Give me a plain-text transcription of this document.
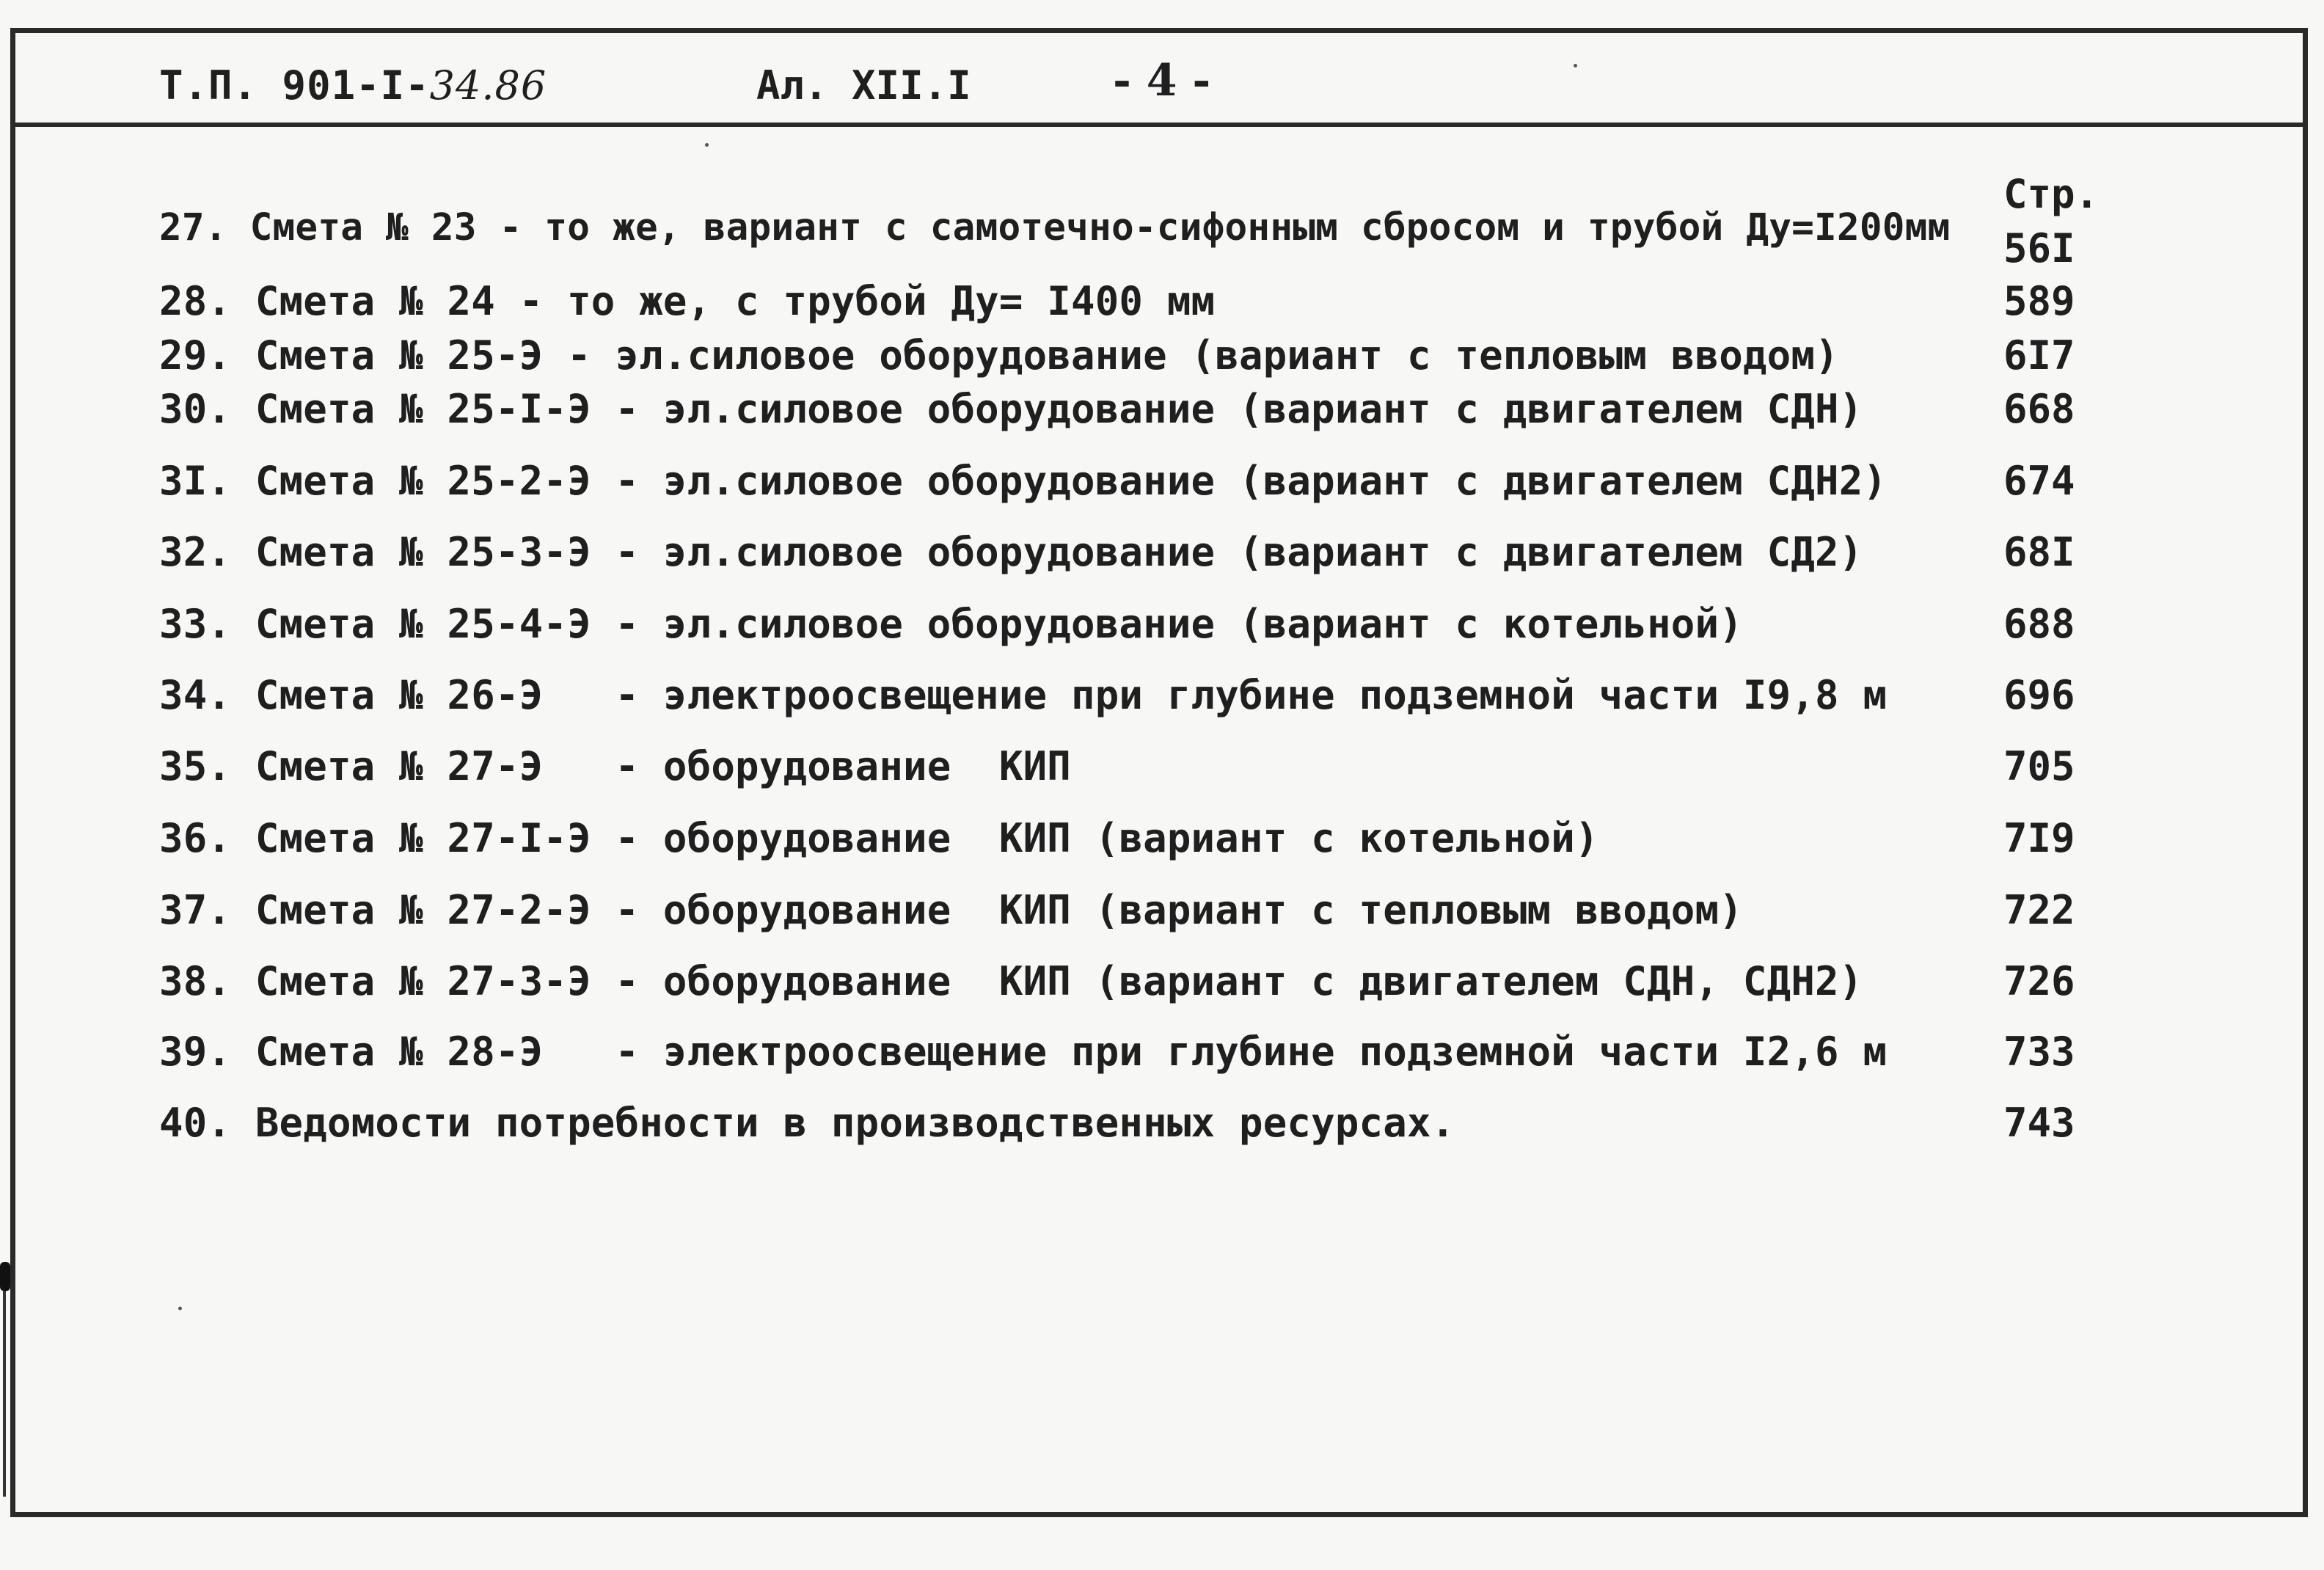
Т.П. 901-I-34.86	Ал. XII.I	- 4 -
Стр.
27. Смета № 23 - то же, вариант с самотечно-сифонным сбросом и трубой Ду=I200мм 56I
28. Смета № 24 - то же, с трубой Ду= I400 мм	589
29. Смета № 25-Э - эл.силовое оборудование (вариант с тепловым вводом)	6I7
30. Смета № 25-I-Э - эл.силовое оборудование (вариант с двигателем СДН)	668
3I. Смета № 25-2-Э - эл.силовое оборудование (вариант с двигателем СДН2)	674
32. Смета № 25-3-Э - эл.силовое оборудование (вариант с двигателем СД2)	68I
33. Смета № 25-4-Э - эл.силовое оборудование (вариант с котельной)	688
34. Смета № 26-Э   - электроосвещение при глубине подземной части I9,8 м	696
35. Смета № 27-Э   - оборудование  КИП	705
36. Смета № 27-I-Э - оборудование  КИП (вариант с котельной)	7I9
37. Смета № 27-2-Э - оборудование  КИП (вариант с тепловым вводом)	722
38. Смета № 27-3-Э - оборудование  КИП (вариант с двигателем СДН, СДН2)	726
39. Смета № 28-Э   - электроосвещение при глубине подземной части I2,6 м	733
40. Ведомости потребности в производственных ресурсах.	743
